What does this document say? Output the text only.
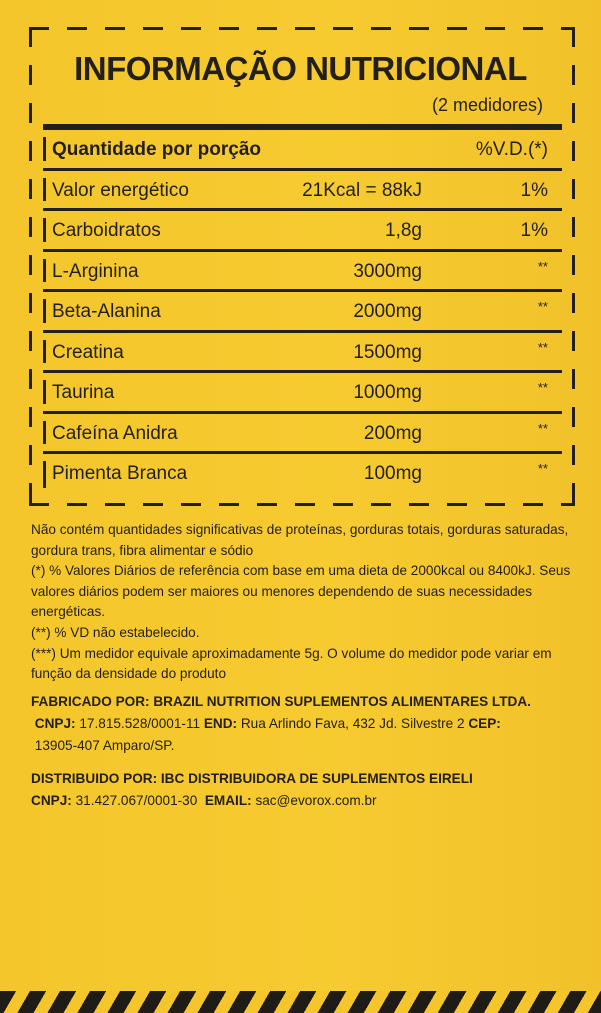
INFORMAÇÃO NUTRICIONAL
(2 medidores)
Quantidade por porção	%V.D.(*)
Valor energético	21Kcal = 88kJ	1%
Carboidratos	1,8g	1%
L-Arginina	3000mg	**
Beta-Alanina	2000mg	**
Creatina	1500mg	**
Taurina	1000mg	**
Cafeína Anidra	200mg	**
Pimenta Branca	100mg	**

Não contém quantidades significativas de proteínas, gorduras totais, gorduras saturadas, gordura trans, fibra alimentar e sódio

(*) % Valores Diários de referência com base em uma dieta de 2000kcal ou 8400kJ. Seus valores diários podem ser maiores ou menores dependendo de suas necessidades energéticas.

(**) % VD não estabelecido.

(***) Um medidor equivale aproximadamente 5g. O volume do medidor pode variar em função da densidade do produto

FABRICADO POR: BRAZIL NUTRITION SUPLEMENTOS ALIMENTARES LTDA.

CNPJ: 17.815.528/0001-11 END: Rua Arlindo Fava, 432 Jd. Silvestre 2 CEP:

13905-407 Amparo/SP.

DISTRIBUIDO POR: IBC DISTRIBUIDORA DE SUPLEMENTOS EIRELI

CNPJ: 31.427.067/0001-30 EMAIL: sac@evorox.com.br
